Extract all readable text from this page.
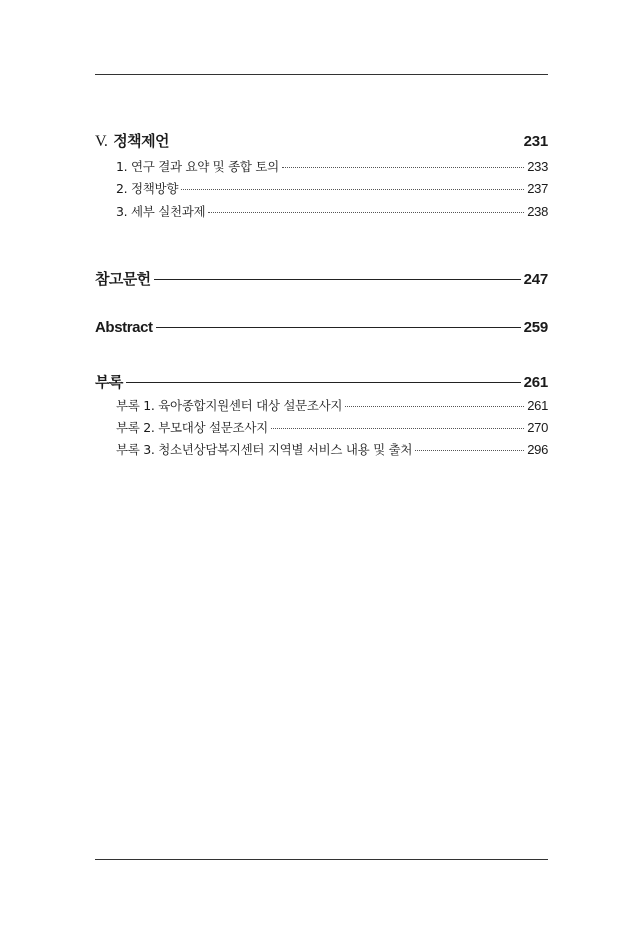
V. 정책제언	231
1. 연구 결과 요약 및 종합 토의	233
2. 정책방향	237
3. 세부 실천과제	238
참고문헌	247
Abstract	259
부록	261
부록 1. 육아종합지원센터 대상 설문조사지	261
부록 2. 부모대상 설문조사지	270
부록 3. 청소년상담복지센터 지역별 서비스 내용 및 출처	296
